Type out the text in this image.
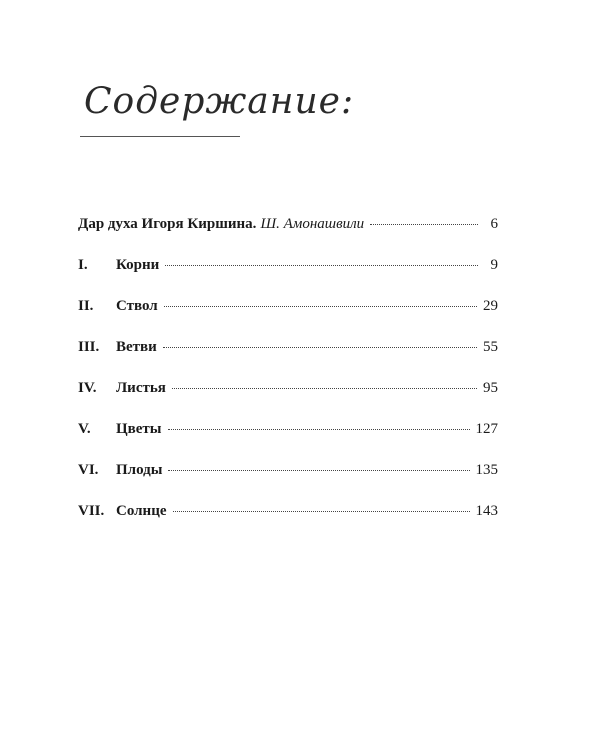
Содержание:
Дар духа Игоря Киршина. Ш. Амонашвили	6
I.	Корни	9
II.	Ствол	29
III.	Ветви	55
IV.	Листья	95
V.	Цветы	127
VI.	Плоды	135
VII. Солнце	143
